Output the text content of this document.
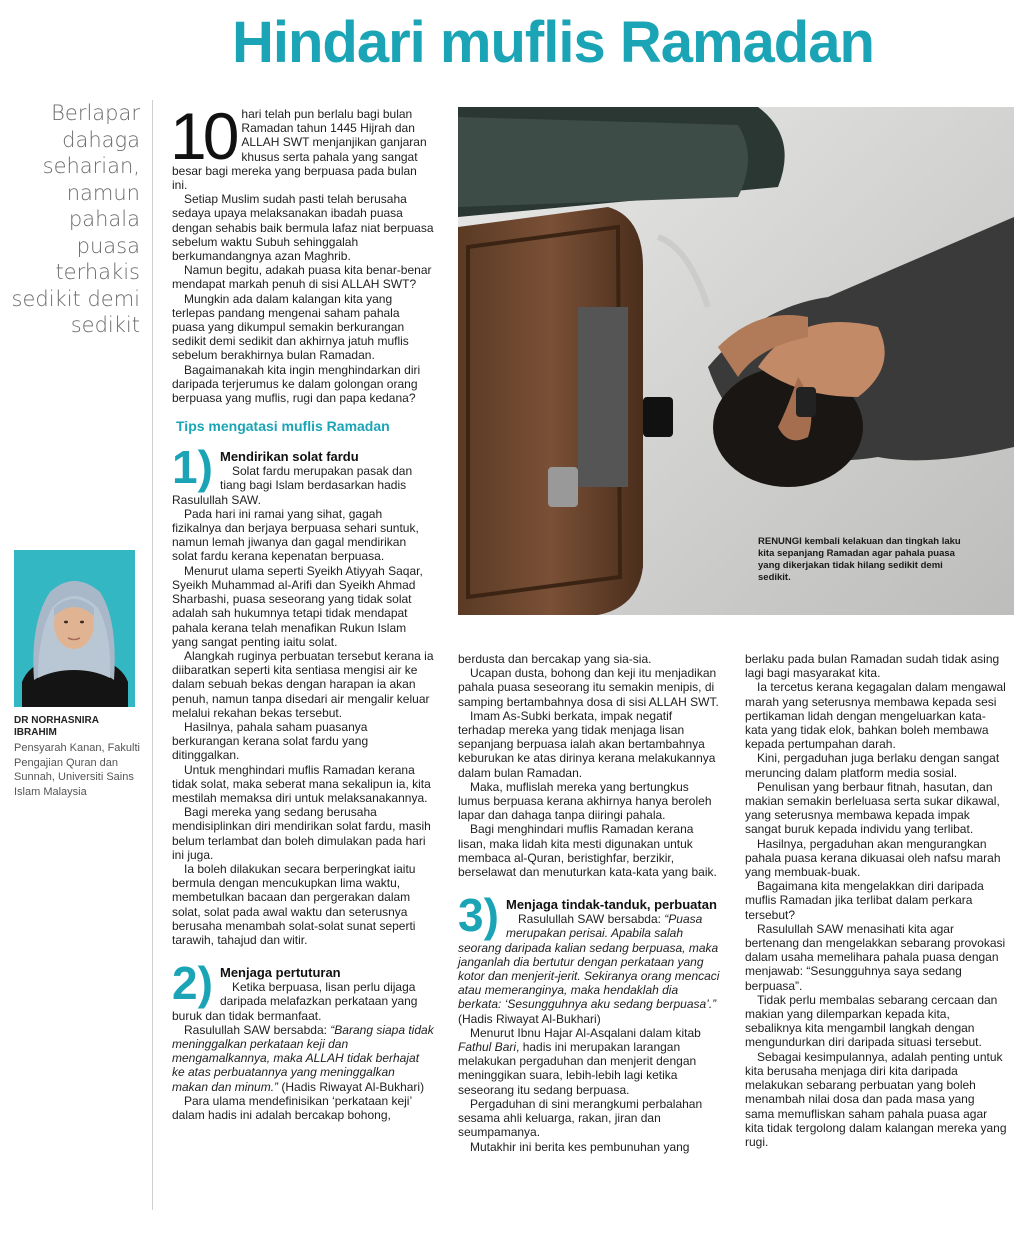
Hindari muflis Ramadan
Berlapar dahaga seharian, namun pahala puasa terhakis sedikit demi sedikit
DR NORHASNIRA IBRAHIM
Pensyarah Kanan, Fakulti Pengajian Quran dan Sunnah, Universiti Sains Islam Malaysia
10 hari telah pun berlalu bagi bulan Ramadan tahun 1445 Hijrah dan ALLAH SWT menjanjikan ganjaran khusus serta pahala yang sangat besar bagi mereka yang berpuasa pada bulan ini.

Setiap Muslim sudah pasti telah berusaha sedaya upaya melaksanakan ibadah puasa dengan sehabis baik bermula lafaz niat berpuasa sebelum waktu Subuh sehinggalah berkumandangnya azan Maghrib.

Namun begitu, adakah puasa kita benar-benar mendapat markah penuh di sisi ALLAH SWT?

Mungkin ada dalam kalangan kita yang terlepas pandang mengenai saham pahala puasa yang dikumpul semakin berkurangan sedikit demi sedikit dan akhirnya jatuh muflis sebelum berakhirnya bulan Ramadan.

Bagaimanakah kita ingin menghindarkan diri daripada terjerumus ke dalam golongan orang berpuasa yang muflis, rugi dan papa kedana?

Tips mengatasi muflis Ramadan
1) Mendirikan solat fardu

Solat fardu merupakan pasak dan tiang bagi Islam berdasarkan hadis Rasulullah SAW.

Pada hari ini ramai yang sihat, gagah fizikalnya dan berjaya berpuasa sehari suntuk, namun lemah jiwanya dan gagal mendirikan solat fardu kerana kepenatan berpuasa.

Menurut ulama seperti Syeikh Atiyyah Saqar, Syeikh Muhammad al-Arifi dan Syeikh Ahmad Sharbashi, puasa seseorang yang tidak solat adalah sah hukumnya tetapi tidak mendapat pahala kerana telah menafikan Rukun Islam yang sangat penting iaitu solat.

Alangkah ruginya perbuatan tersebut kerana ia diibaratkan seperti kita sentiasa mengisi air ke dalam sebuah bekas dengan harapan ia akan penuh, namun tanpa disedari air mengalir keluar melalui rekahan bekas tersebut.

Hasilnya, pahala saham puasanya berkurangan kerana solat fardu yang ditinggalkan.

Untuk menghindari muflis Ramadan kerana tidak solat, maka seberat mana sekalipun ia, kita mestilah memaksa diri untuk melaksanakannya.

Bagi mereka yang sedang berusaha mendisiplinkan diri mendirikan solat fardu, masih belum terlambat dan boleh dimulakan pada hari ini juga.

Ia boleh dilakukan secara berperingkat iaitu bermula dengan mencukupkan lima waktu, membetulkan bacaan dan pergerakan dalam solat, solat pada awal waktu dan seterusnya berusaha menambah solat-solat sunat seperti tarawih, tahajud dan witir.

2) Menjaga pertuturan

Ketika berpuasa, lisan perlu dijaga daripada melafazkan perkataan yang buruk dan tidak bermanfaat.

Rasulullah SAW bersabda: “Barang siapa tidak meninggalkan perkataan keji dan mengamalkannya, maka ALLAH tidak berhajat ke atas perbuatannya yang meninggalkan makan dan minum.” (Hadis Riwayat Al-Bukhari)

Para ulama mendefinisikan ‘perkataan keji’ dalam hadis ini adalah bercakap bohong,

RENUNGI kembali kelakuan dan tingkah laku kita sepanjang Ramadan agar pahala puasa yang dikerjakan tidak hilang sedikit demi sedikit.

berdusta dan bercakap yang sia-sia.

Ucapan dusta, bohong dan keji itu menjadikan pahala puasa seseorang itu semakin menipis, di samping bertambahnya dosa di sisi ALLAH SWT.

Imam As-Subki berkata, impak negatif terhadap mereka yang tidak menjaga lisan sepanjang berpuasa ialah akan bertambahnya keburukan ke atas dirinya kerana melakukannya dalam bulan Ramadan.

Maka, muflislah mereka yang bertungkus lumus berpuasa kerana akhirnya hanya beroleh lapar dan dahaga tanpa diiringi pahala.

Bagi menghindari muflis Ramadan kerana lisan, maka lidah kita mesti digunakan untuk membaca al-Quran, beristighfar, berzikir, berselawat dan menuturkan kata-kata yang baik.

3) Menjaga tindak-tanduk, perbuatan

Rasulullah SAW bersabda: “Puasa merupakan perisai. Apabila salah seorang daripada kalian sedang berpuasa, maka janganlah dia bertutur dengan perkataan yang kotor dan menjerit-jerit. Sekiranya orang mencaci atau memeranginya, maka hendaklah dia berkata: ‘Sesungguhnya aku sedang berpuasa’.” (Hadis Riwayat Al-Bukhari)

Menurut Ibnu Hajar Al-Asqalani dalam kitab Fathul Bari, hadis ini merupakan larangan melakukan pergaduhan dan menjerit dengan meninggikan suara, lebih-lebih lagi ketika seseorang itu sedang berpuasa.

Pergaduhan di sini merangkumi perbalahan sesama ahli keluarga, rakan, jiran dan seumpamanya.

Mutakhir ini berita kes pembunuhan yang

berlaku pada bulan Ramadan sudah tidak asing lagi bagi masyarakat kita.

Ia tercetus kerana kegagalan dalam mengawal marah yang seterusnya membawa kepada sesi pertikaman lidah dengan mengeluarkan kata-kata yang tidak elok, bahkan boleh membawa kepada pertumpahan darah.

Kini, pergaduhan juga berlaku dengan sangat meruncing dalam platform media sosial.

Penulisan yang berbaur fitnah, hasutan, dan makian semakin berleluasa serta sukar dikawal, yang seterusnya membawa kepada impak sangat buruk kepada individu yang terlibat.

Hasilnya, pergaduhan akan mengurangkan pahala puasa kerana dikuasai oleh nafsu marah yang membuak-buak.

Bagaimana kita mengelakkan diri daripada muflis Ramadan jika terlibat dalam perkara tersebut?

Rasulullah SAW menasihati kita agar bertenang dan mengelakkan sebarang provokasi dalam usaha memelihara pahala puasa dengan menjawab: “Sesungguhnya saya sedang berpuasa”.

Tidak perlu membalas sebarang cercaan dan makian yang dilemparkan kepada kita, sebaliknya kita mengambil langkah dengan mengundurkan diri daripada situasi tersebut.

Sebagai kesimpulannya, adalah penting untuk kita berusaha menjaga diri kita daripada melakukan sebarang perbuatan yang boleh menambah nilai dosa dan pada masa yang sama memufliskan saham pahala puasa agar kita tidak tergolong dalam kalangan mereka yang rugi.
